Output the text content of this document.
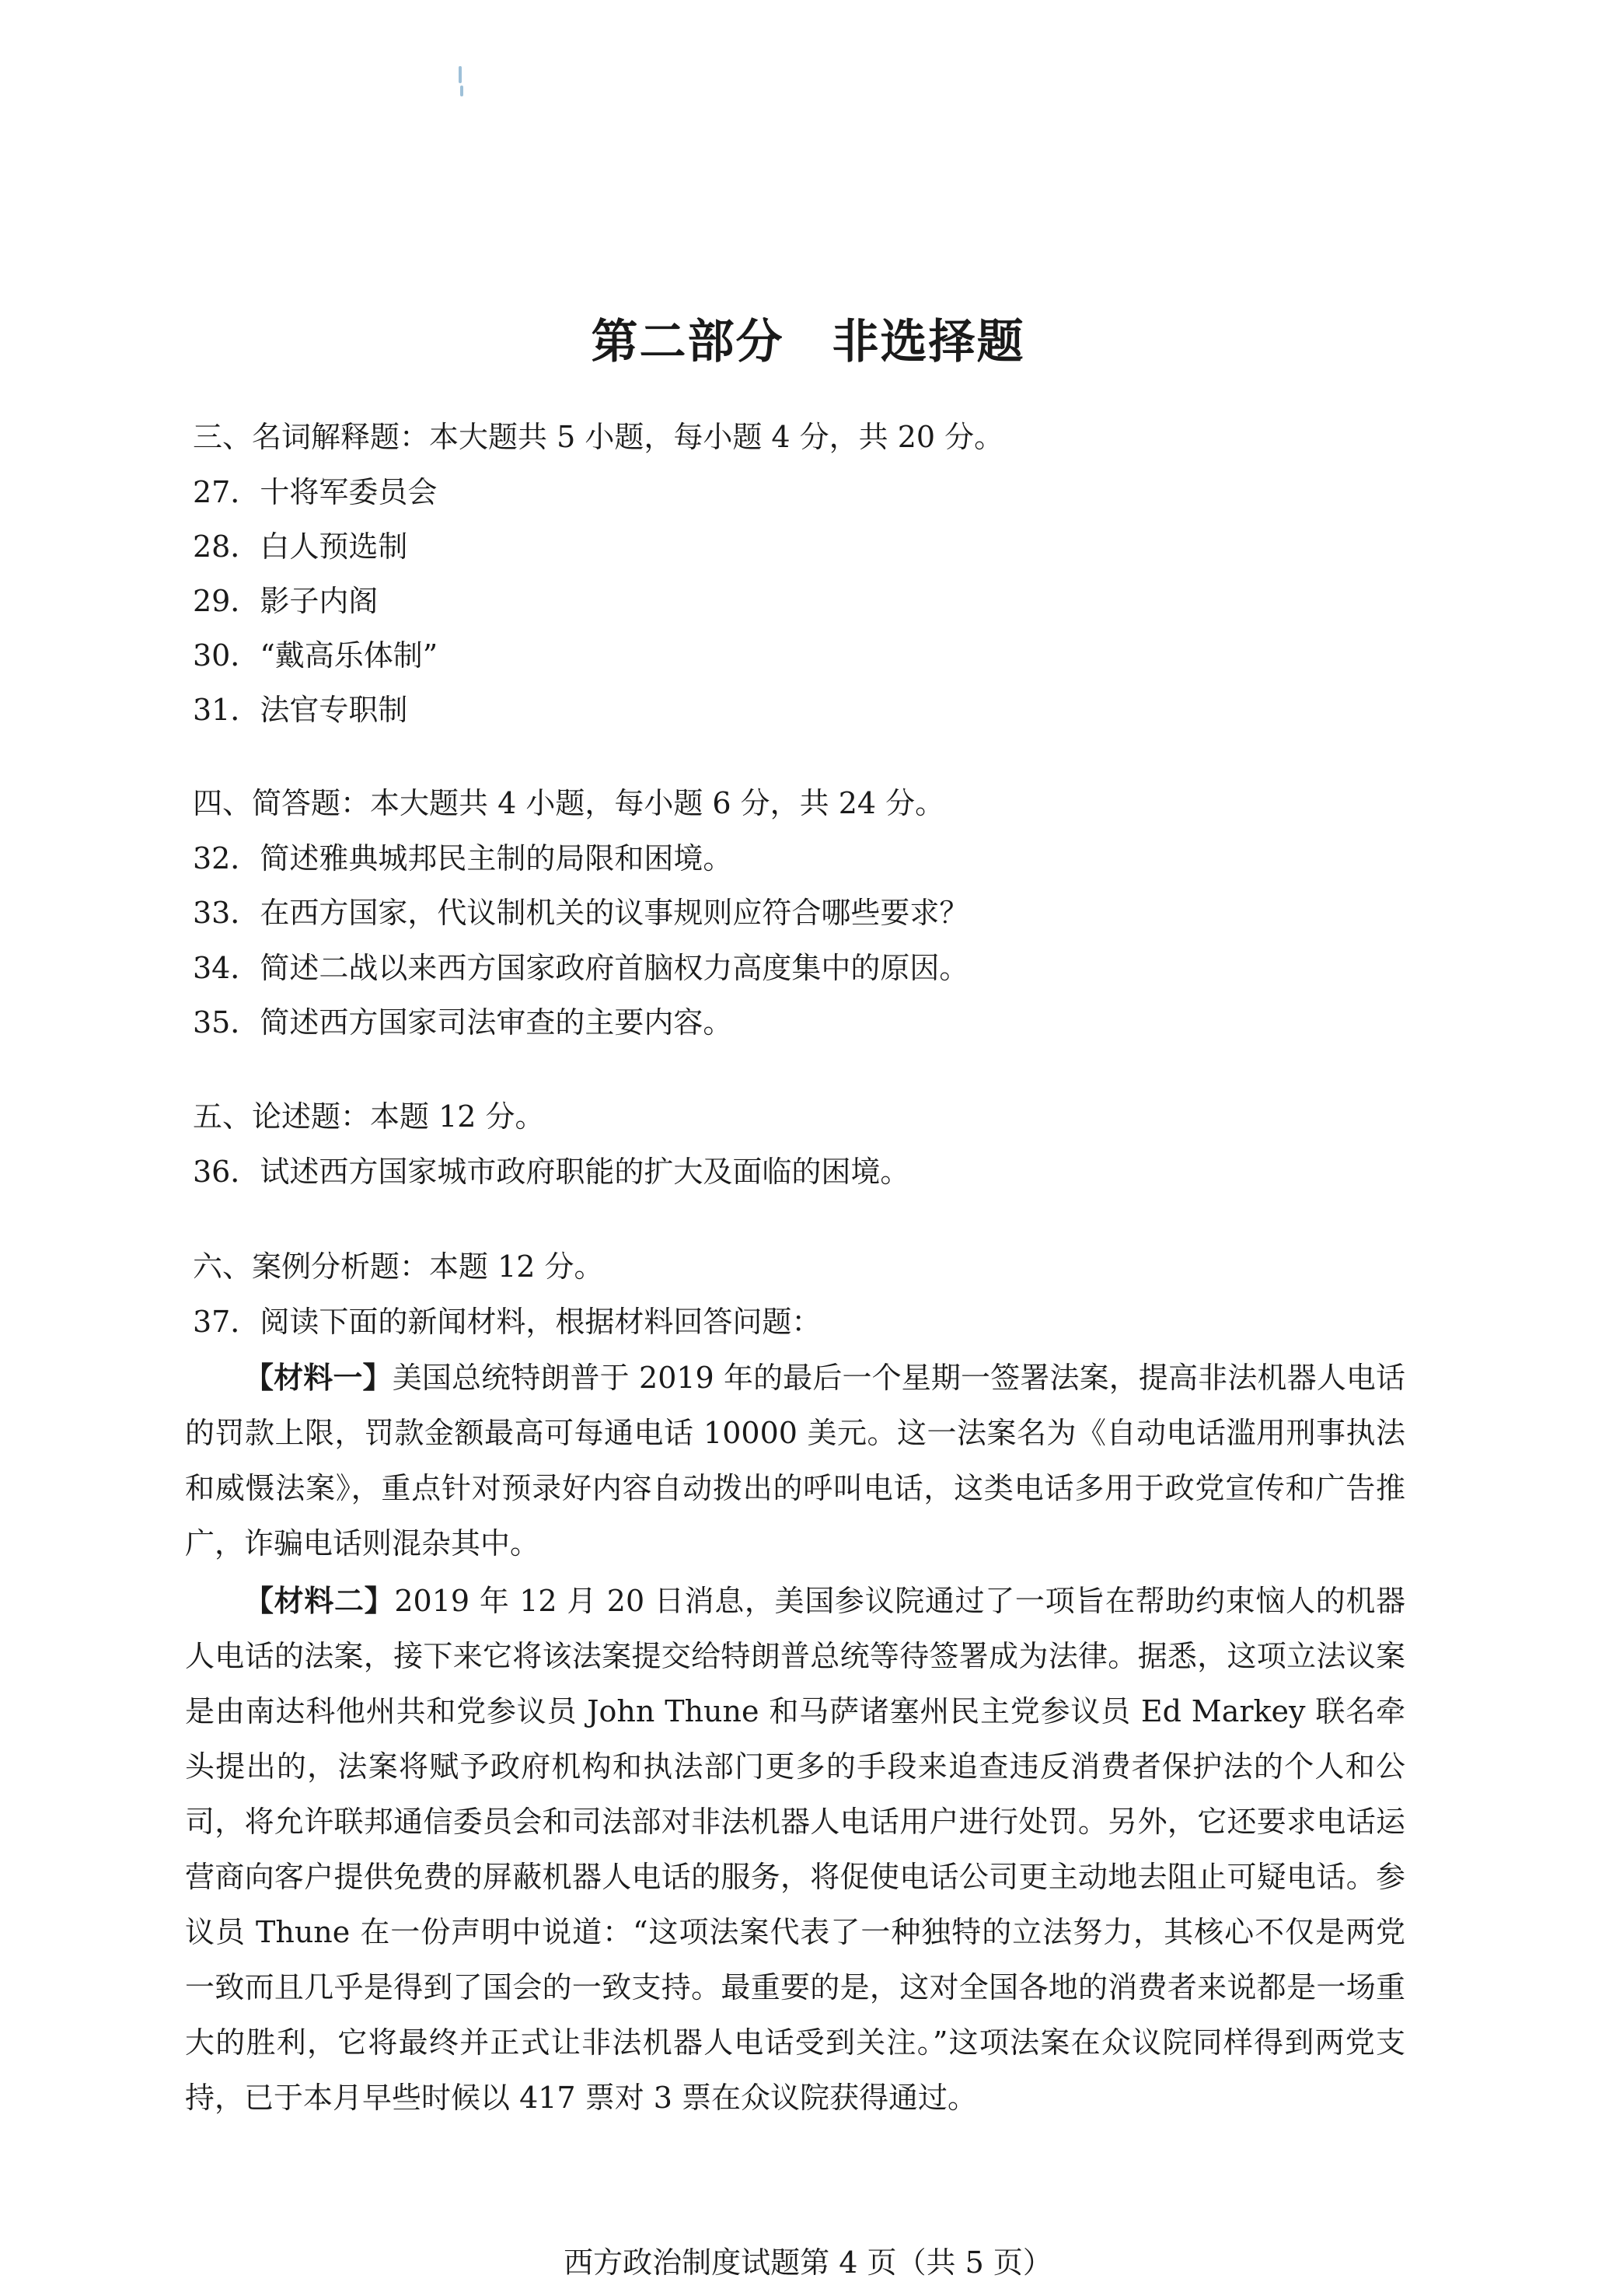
第二部分　非选择题
三、名词解释题：本大题共 5 小题，每小题 4 分，共 20 分。
27．十将军委员会
28．白人预选制
29．影子内阁
30．“戴高乐体制”
31．法官专职制
四、简答题：本大题共 4 小题，每小题 6 分，共 24 分。
32．简述雅典城邦民主制的局限和困境。
33．在西方国家，代议制机关的议事规则应符合哪些要求？
34．简述二战以来西方国家政府首脑权力高度集中的原因。
35．简述西方国家司法审查的主要内容。
五、论述题：本题 12 分。
36．试述西方国家城市政府职能的扩大及面临的困境。
六、案例分析题：本题 12 分。
37．阅读下面的新闻材料，根据材料回答问题：
【材料一】美国总统特朗普于 2019 年的最后一个星期一签署法案，提高非法机器人电话的罚款上限，罚款金额最高可每通电话 10000 美元。这一法案名为《自动电话滥用刑事执法和威慑法案》，重点针对预录好内容自动拨出的呼叫电话，这类电话多用于政党宣传和广告推广，诈骗电话则混杂其中。
【材料二】2019 年 12 月 20 日消息，美国参议院通过了一项旨在帮助约束恼人的机器人电话的法案，接下来它将该法案提交给特朗普总统等待签署成为法律。据悉，这项立法议案是由南达科他州共和党参议员 John Thune 和马萨诸塞州民主党参议员 Ed Markey 联名牵头提出的，法案将赋予政府机构和执法部门更多的手段来追查违反消费者保护法的个人和公司，将允许联邦通信委员会和司法部对非法机器人电话用户进行处罚。另外，它还要求电话运营商向客户提供免费的屏蔽机器人电话的服务，将促使电话公司更主动地去阻止可疑电话。参议员 Thune 在一份声明中说道：“这项法案代表了一种独特的立法努力，其核心不仅是两党一致而且几乎是得到了国会的一致支持。最重要的是，这对全国各地的消费者来说都是一场重大的胜利，它将最终并正式让非法机器人电话受到关注。”这项法案在众议院同样得到两党支持，已于本月早些时候以 417 票对 3 票在众议院获得通过。
西方政治制度试题第 4 页（共 5 页）
